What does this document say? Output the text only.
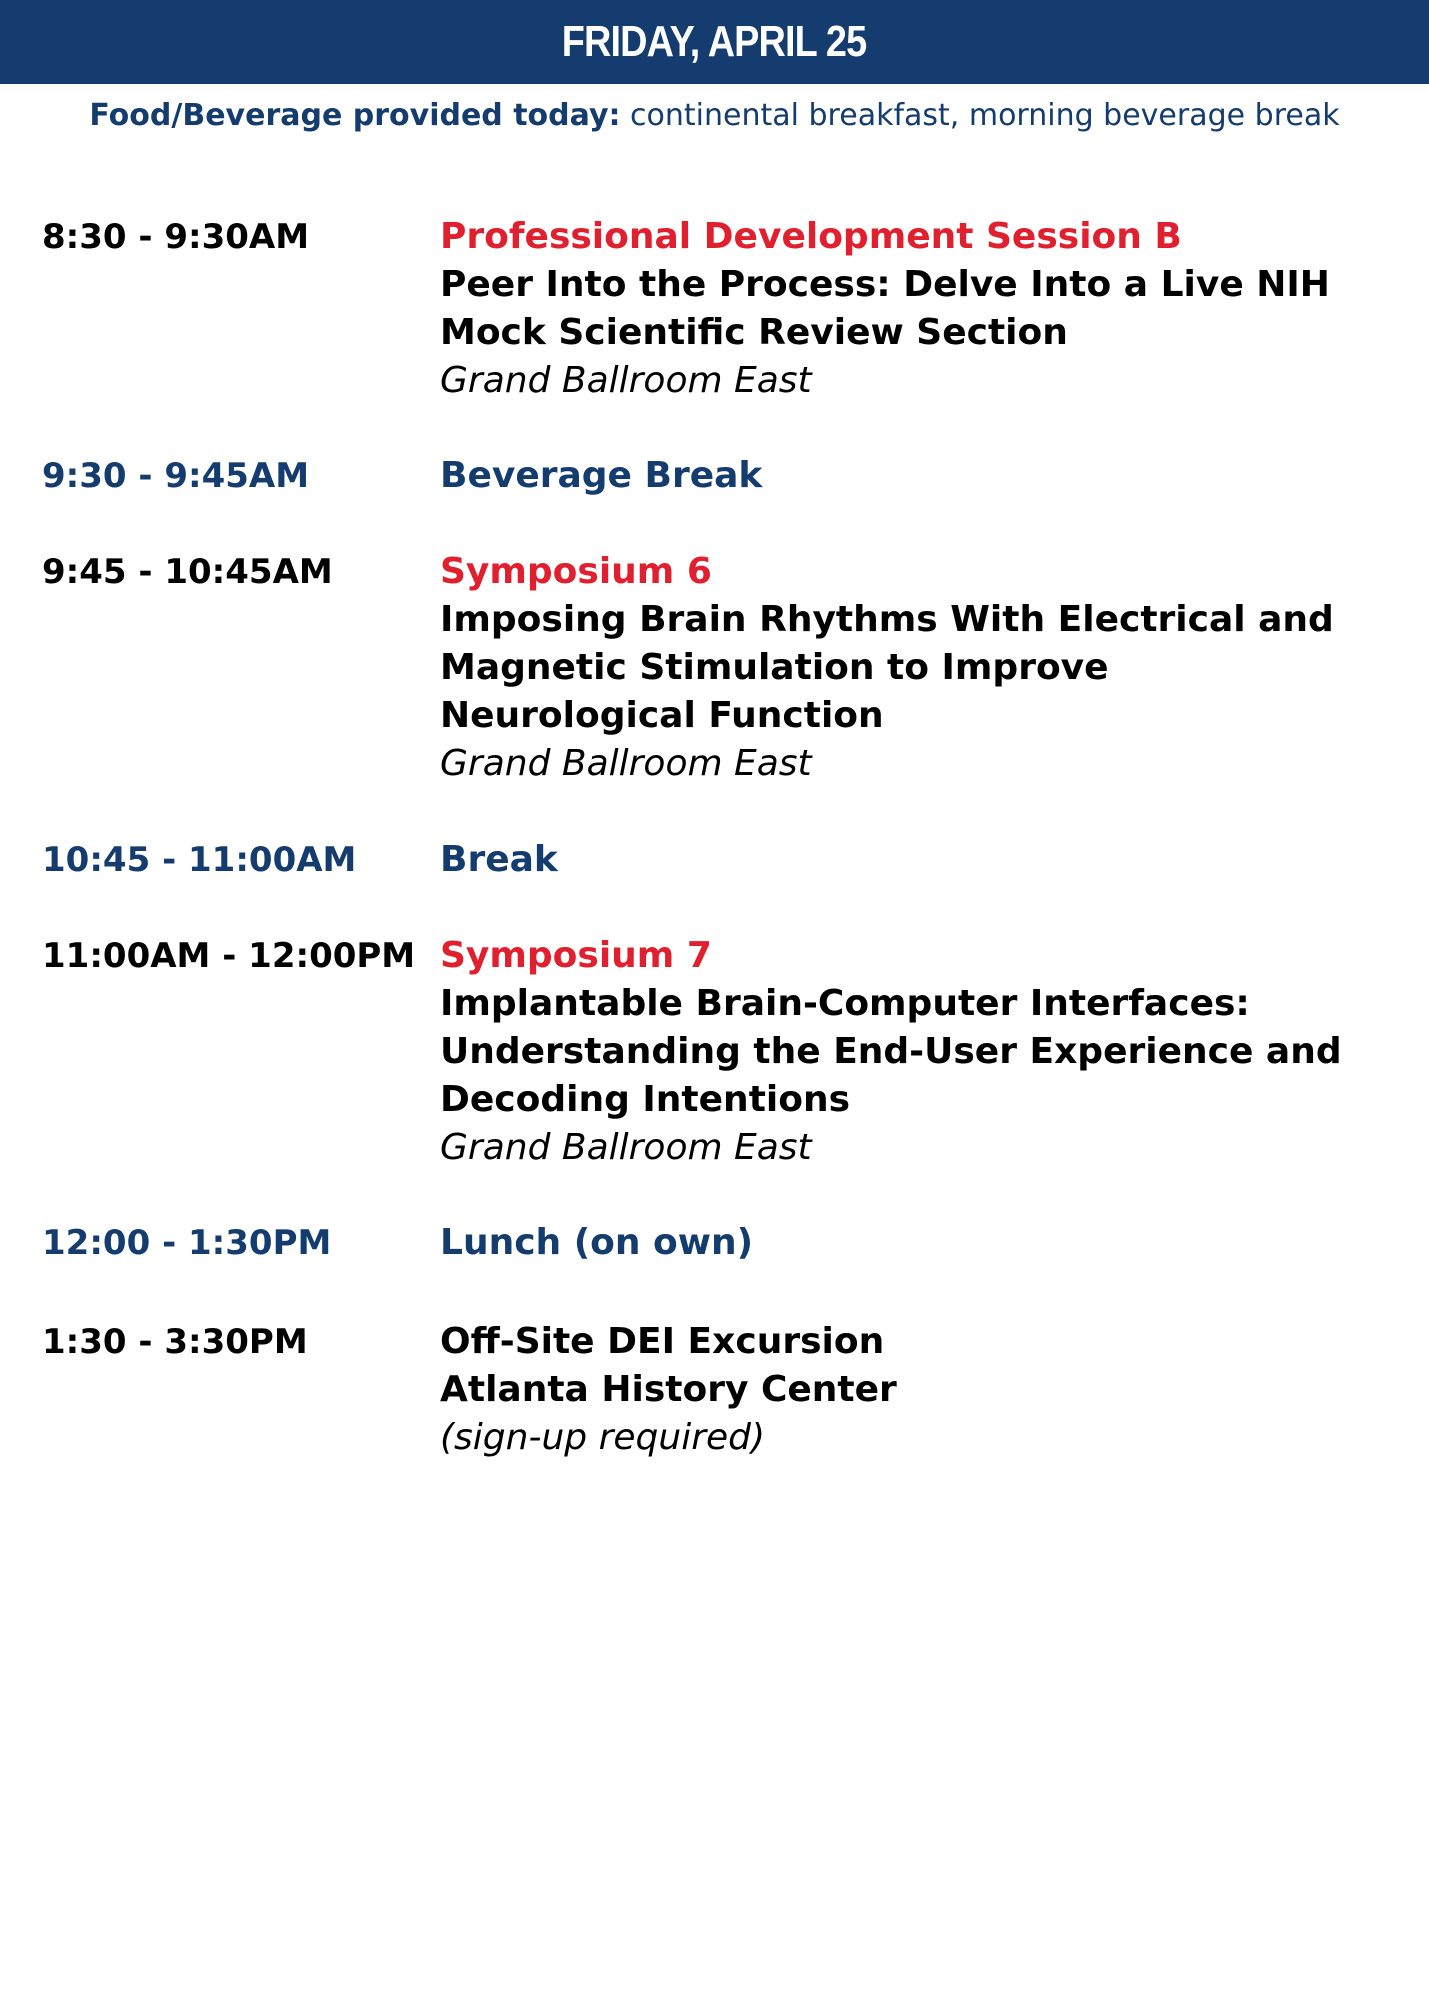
FRIDAY, APRIL 25
Food/Beverage provided today: continental breakfast, morning beverage break
8:30 - 9:30AM	Professional Development Session B
Peer Into the Process: Delve Into a Live NIH
Mock Scientific Review Section
Grand Ballroom East
9:30 - 9:45AM	Beverage Break
9:45 - 10:45AM	Symposium 6
Imposing Brain Rhythms With Electrical and
Magnetic Stimulation to Improve
Neurological Function
Grand Ballroom East
10:45 - 11:00AM Break
11:00AM - 12:00PM Symposium 7
Implantable Brain-Computer Interfaces:
Understanding the End-User Experience and
Decoding Intentions
Grand Ballroom East
12:00 - 1:30PM	Lunch (on own)
1:30 - 3:30PM	Off-Site DEI Excursion
Atlanta History Center
(sign-up required)
